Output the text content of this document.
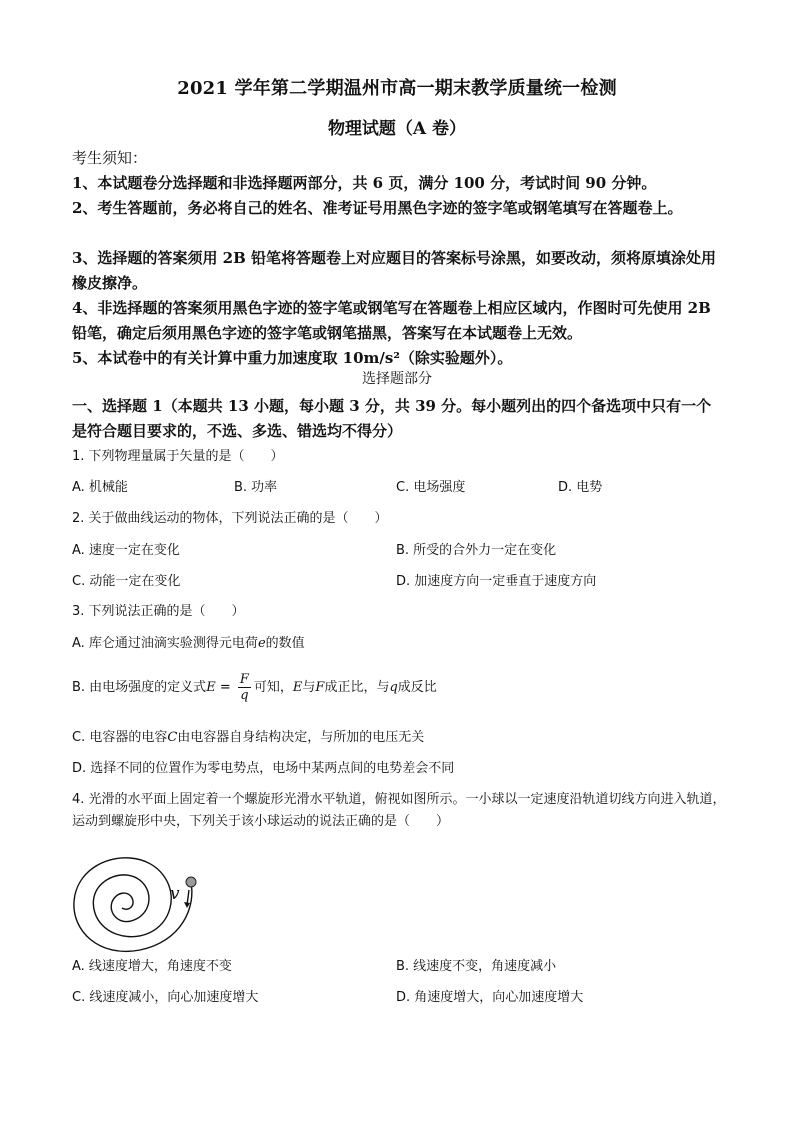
2021 学年第二学期温州市高一期末教学质量统一检测
物理试题（A 卷）
考生须知：
1、本试题卷分选择题和非选择题两部分，共 6 页，满分 100 分，考试时间 90 分钟。
2、考生答题前，务必将自己的姓名、准考证号用黑色字迹的签字笔或钢笔填写在答题卷上。
3、选择题的答案须用 2B 铅笔将答题卷上对应题目的答案标号涂黑，如要改动，须将原填涂处用橡皮擦净。
4、非选择题的答案须用黑色字迹的签字笔或钢笔写在答题卷上相应区域内，作图时可先使用 2B 铅笔，确定后须用黑色字迹的签字笔或钢笔描黑，答案写在本试题卷上无效。
5、本试卷中的有关计算中重力加速度取 10m/s²（除实验题外）。
选择题部分
一、选择题 1（本题共 13 小题，每小题 3 分，共 39 分。每小题列出的四个备选项中只有一个是符合题目要求的，不选、多选、错选均不得分）
1. 下列物理量属于矢量的是（　　）
A. 机械能	B. 功率	C. 电场强度	D. 电势
2. 关于做曲线运动的物体，下列说法正确的是（　　）
A. 速度一定在变化	B. 所受的合外力一定在变化
C. 动能一定在变化	D. 加速度方向一定垂直于速度方向
3. 下列说法正确的是（　　）
A. 库仑通过油滴实验测得元电荷e的数值
B. 由电场强度的定义式$E = \frac{F}{q}$ 可知，E与F成正比，与q成反比
C. 电容器的电容C由电容器自身结构决定，与所加的电压无关
D. 选择不同的位置作为零电势点，电场中某两点间的电势差会不同
4. 光滑的水平面上固定着一个螺旋形光滑水平轨道，俯视如图所示。一小球以一定速度沿轨道切线方向进入轨道，运动到螺旋形中央，下列关于该小球运动的说法正确的是（　　）
v
A. 线速度增大，角速度不变	B. 线速度不变，角速度减小
C. 线速度减小，向心加速度增大	D. 角速度增大，向心加速度增大
